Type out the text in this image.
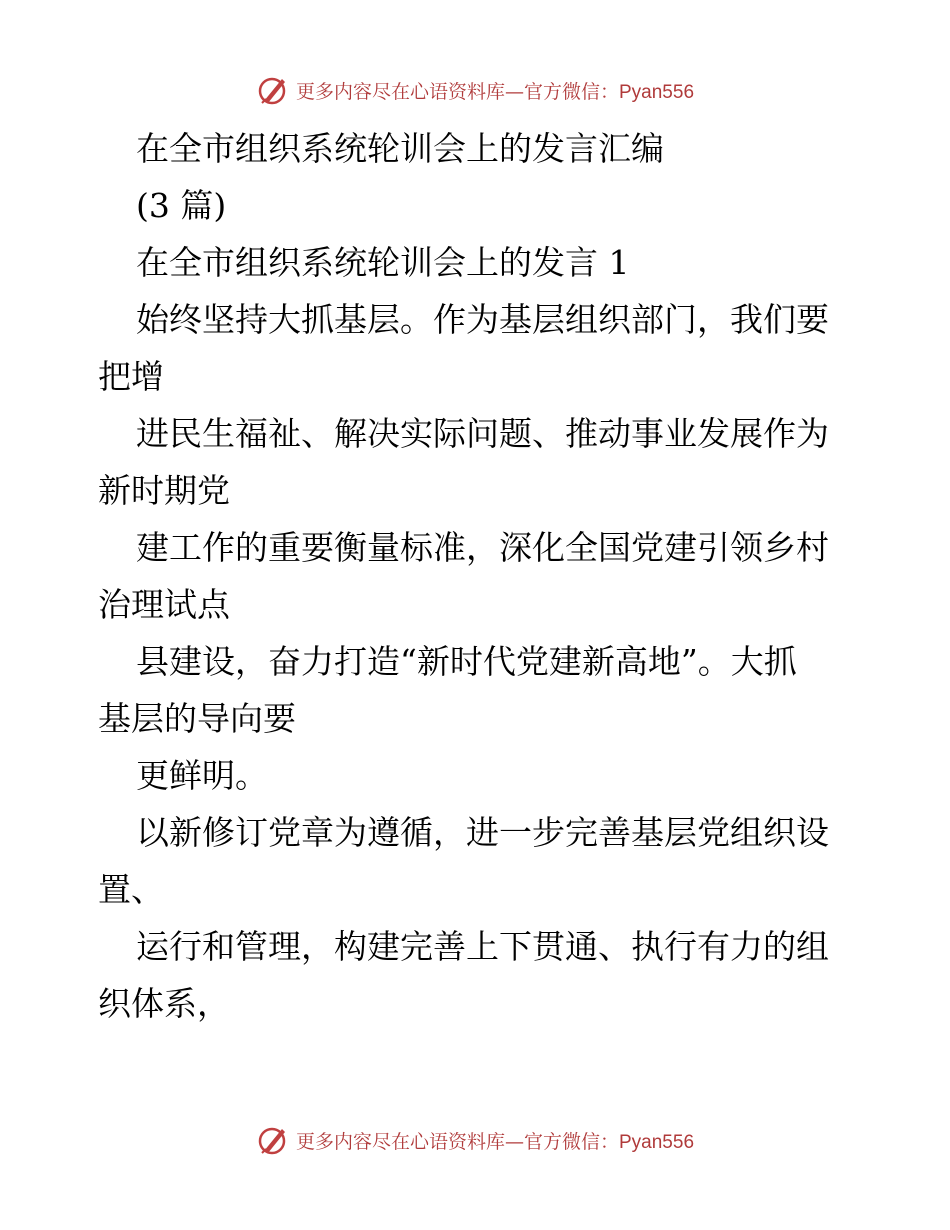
更多内容尽在心语资料库—官方微信：Pyan556
在全市组织系统轮训会上的发言汇编
(3 篇)
在全市组织系统轮训会上的发言 1
始终坚持大抓基层。作为基层组织部门，我们要
把增
进民生福祉、解决实际问题、推动事业发展作为
新时期党
建工作的重要衡量标准，深化全国党建引领乡村
治理试点
县建设，奋力打造“新时代党建新高地”。大抓
基层的导向要
更鲜明。
以新修订党章为遵循，进一步完善基层党组织设
置、
运行和管理，构建完善上下贯通、执行有力的组
织体系，
更多内容尽在心语资料库—官方微信：Pyan556
